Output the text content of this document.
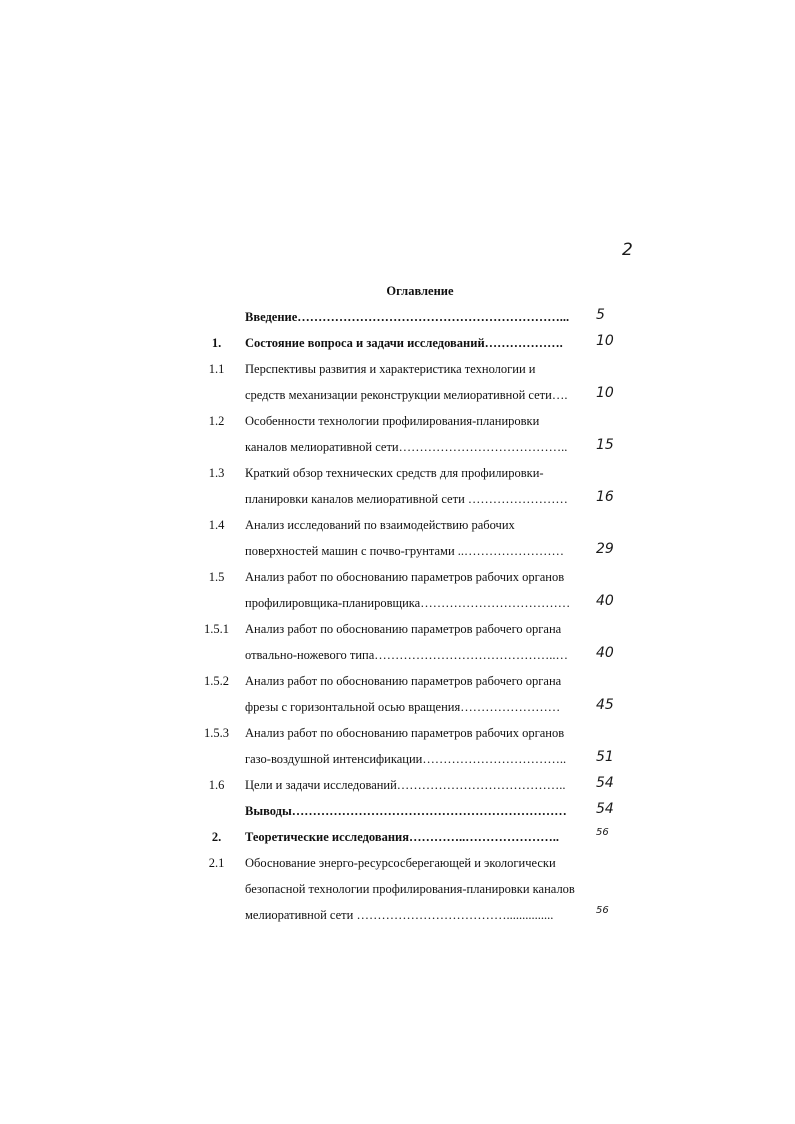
2
Оглавление
Введение………………………………………………………... 5
1.	Состояние вопроса и задачи исследований………………. 10
1.1	Перспективы развития и характеристика технологии и
средств механизации реконструкции мелиоративной сети…. 10
1.2	Особенности технологии профилирования-планировки
каналов мелиоративной сети………………………………….. 15
1.3	Краткий обзор технических средств для профилировки-
планировки каналов мелиоративной сети …………………… 16
1.4	Анализ исследований по взаимодействию рабочих
поверхностей машин с почво-грунтами ..…………………… 29
1.5	Анализ работ по обоснованию параметров рабочих органов
профилировщика-планировщика……………………………… 40
1.5.1	Анализ работ по обоснованию параметров рабочего органа
отвально-ножевого типа……………………………………..… 40
1.5.2	Анализ работ по обоснованию параметров рабочего органа
фрезы с горизонтальной осью вращения……………………	45
1.5.3	Анализ работ по обоснованию параметров рабочих органов
газо-воздушной интенсификации…………………………….. 51
1.6	Цели и задачи исследований………………………………….. 54
Выводы………………………………………………………… 54
2.	Теоретические исследования…………..…………………..	56
2.1	Обоснование энерго-ресурсосберегающей и экологически
безопасной технологии профилирования-планировки каналов
мелиоративной сети ………………………………...............	56
